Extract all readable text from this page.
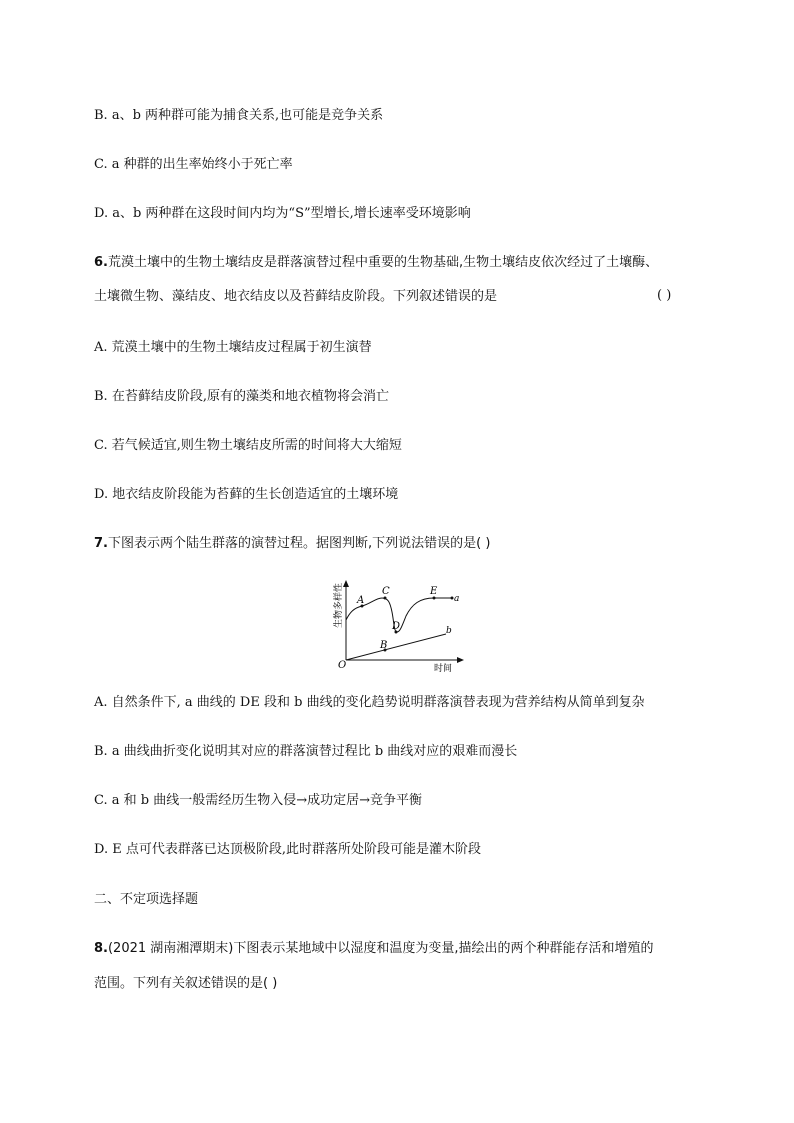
B. a、b 两种群可能为捕食关系,也可能是竞争关系
C. a 种群的出生率始终小于死亡率
D. a、b 两种群在这段时间内均为“S”型增长,增长速率受环境影响
6.荒漠土壤中的生物土壤结皮是群落演替过程中重要的生物基础,生物土壤结皮依次经过了土壤酶、
土壤微生物、藻结皮、地衣结皮以及苔藓结皮阶段。下列叙述错误的是	( )
A. 荒漠土壤中的生物土壤结皮过程属于初生演替
B. 在苔藓结皮阶段,原有的藻类和地衣植物将会消亡
C. 若气候适宜,则生物土壤结皮所需的时间将大大缩短
D. 地衣结皮阶段能为苔藓的生长创造适宜的土壤环境
7.下图表示两个陆生群落的演替过程。据图判断,下列说法错误的是( )
A
B
C
D
E
a
b
O	时间
生物多样性
A. 自然条件下, a 曲线的 DE 段和 b 曲线的变化趋势说明群落演替表现为营养结构从简单到复杂
B. a 曲线曲折变化说明其对应的群落演替过程比 b 曲线对应的艰难而漫长
C. a 和 b 曲线一般需经历生物入侵→成功定居→竞争平衡
D. E 点可代表群落已达顶极阶段,此时群落所处阶段可能是灌木阶段
二、不定项选择题
8.(2021 湖南湘潭期末)下图表示某地域中以湿度和温度为变量,描绘出的两个种群能存活和增殖的
范围。下列有关叙述错误的是( )
